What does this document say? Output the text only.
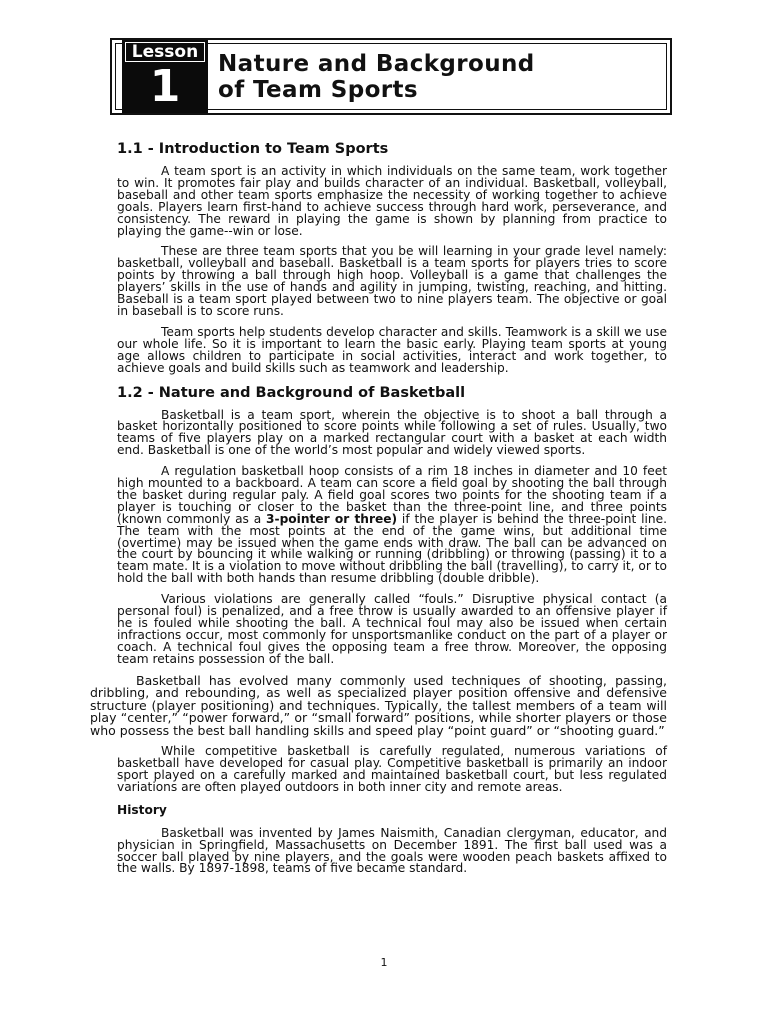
Lesson
1	Nature and Background
of Team Sports
1.1 - Introduction to Team Sports

A team sport is an activity in which individuals on the same team, work together to win. It promotes fair play and builds character of an individual. Basketball, volleyball, baseball and other team sports emphasize the necessity of working together to achieve goals. Players learn first-hand to achieve success through hard work, perseverance, and consistency. The reward in playing the game is shown by planning from practice to playing the game--win or lose.

These are three team sports that you be will learning in your grade level namely: basketball, volleyball and baseball. Basketball is a team sports for players tries to score points by throwing a ball through high hoop. Volleyball is a game that challenges the players’ skills in the use of hands and agility in jumping, twisting, reaching, and hitting. Baseball is a team sport played between two to nine players team. The objective or goal in baseball is to score runs.

Team sports help students develop character and skills. Teamwork is a skill we use our whole life. So it is important to learn the basic early. Playing team sports at young age allows children to participate in social activities, interact and work together, to achieve goals and build skills such as teamwork and leadership.

1.2 - Nature and Background of Basketball

Basketball is a team sport, wherein the objective is to shoot a ball through a basket horizontally positioned to score points while following a set of rules. Usually, two teams of five players play on a marked rectangular court with a basket at each width end. Basketball is one of the world’s most popular and widely viewed sports.

A regulation basketball hoop consists of a rim 18 inches in diameter and 10 feet high mounted to a backboard. A team can score a field goal by shooting the ball through the basket during regular paly. A field goal scores two points for the shooting team if a player is touching or closer to the basket than the three-point line, and three points (known commonly as a 3-pointer or three) if the player is behind the three-point line. The team with the most points at the end of the game wins, but additional time (overtime) may be issued when the game ends with draw. The ball can be advanced on the court by bouncing it while walking or running (dribbling) or throwing (passing) it to a team mate. It is a violation to move without dribbling the ball (travelling), to carry it, or to hold the ball with both hands than resume dribbling (double dribble).

Various violations are generally called “fouls.” Disruptive physical contact (a personal foul) is penalized, and a free throw is usually awarded to an offensive player if he is fouled while shooting the ball. A technical foul may also be issued when certain infractions occur, most commonly for unsportsmanlike conduct on the part of a player or coach. A technical foul gives the opposing team a free throw. Moreover, the opposing team retains possession of the ball.

Basketball has evolved many commonly used techniques of shooting, passing, dribbling, and rebounding, as well as specialized player position offensive and defensive structure (player positioning) and techniques. Typically, the tallest members of a team will play “center,” “power forward,” or “small forward” positions, while shorter players or those who possess the best ball handling skills and speed play “point guard” or “shooting guard.”

While competitive basketball is carefully regulated, numerous variations of basketball have developed for casual play. Competitive basketball is primarily an indoor sport played on a carefully marked and maintained basketball court, but less regulated variations are often played outdoors in both inner city and remote areas.

History

Basketball was invented by James Naismith, Canadian clergyman, educator, and physician in Springfield, Massachusetts on December 1891. The first ball used was a soccer ball played by nine players, and the goals were wooden peach baskets affixed to the walls. By 1897-1898, teams of five became standard.

1
